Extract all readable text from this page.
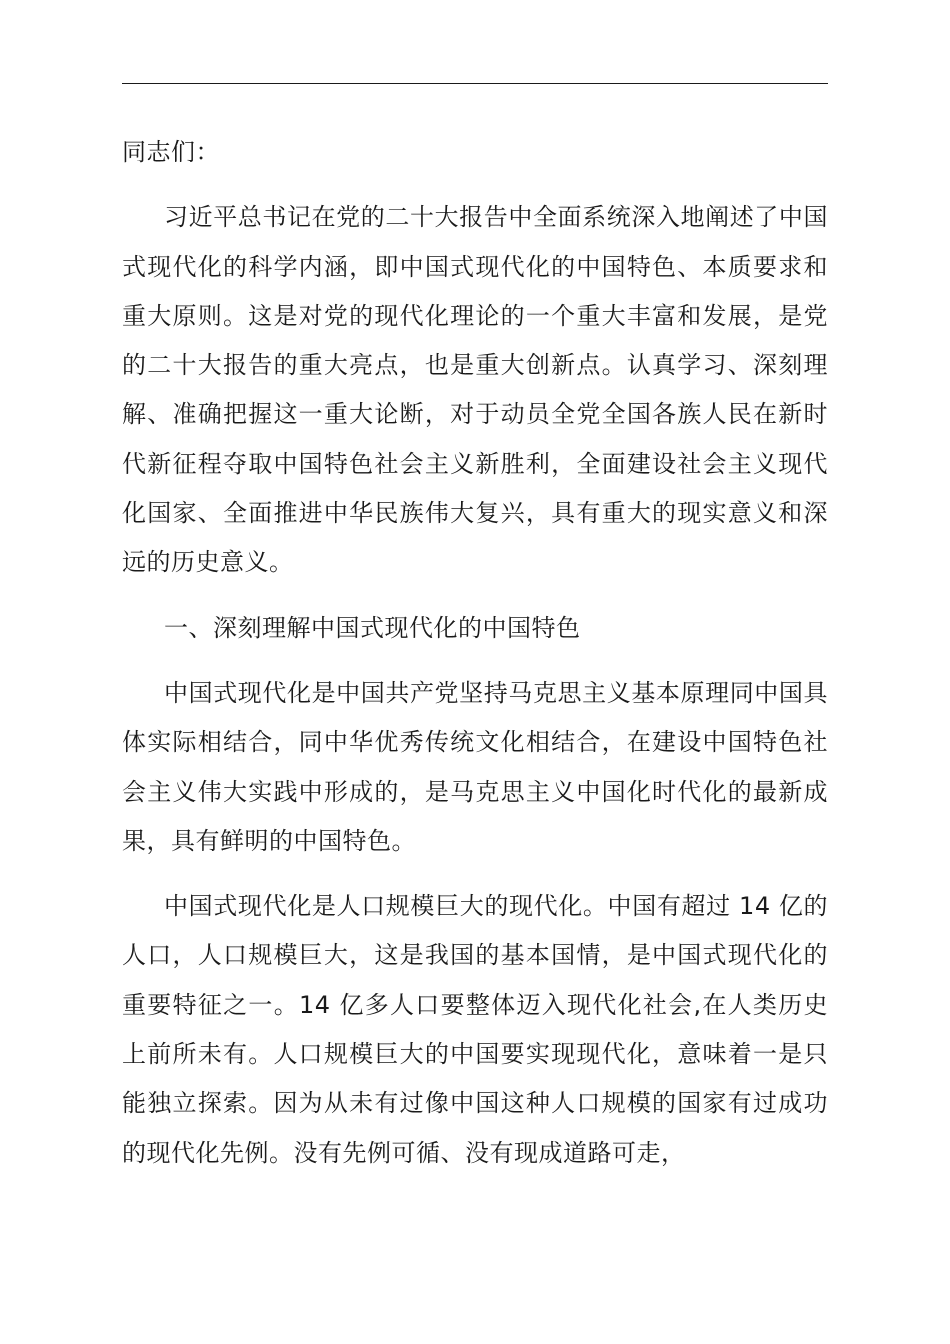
同志们：

习近平总书记在党的二十大报告中全面系统深入地阐述了中国式现代化的科学内涵，即中国式现代化的中国特色、本质要求和重大原则。这是对党的现代化理论的一个重大丰富和发展，是党的二十大报告的重大亮点，也是重大创新点。认真学习、深刻理解、准确把握这一重大论断，对于动员全党全国各族人民在新时代新征程夺取中国特色社会主义新胜利，全面建设社会主义现代化国家、全面推进中华民族伟大复兴，具有重大的现实意义和深远的历史意义。

一、深刻理解中国式现代化的中国特色

中国式现代化是中国共产党坚持马克思主义基本原理同中国具体实际相结合，同中华优秀传统文化相结合，在建设中国特色社会主义伟大实践中形成的，是马克思主义中国化时代化的最新成果，具有鲜明的中国特色。

中国式现代化是人口规模巨大的现代化。中国有超过 14 亿的人口，人口规模巨大，这是我国的基本国情，是中国式现代化的重要特征之一。14 亿多人口要整体迈入现代化社会,在人类历史上前所未有。人口规模巨大的中国要实现现代化，意味着一是只能独立探索。因为从未有过像中国这种人口规模的国家有过成功的现代化先例。没有先例可循、没有现成道路可走，
